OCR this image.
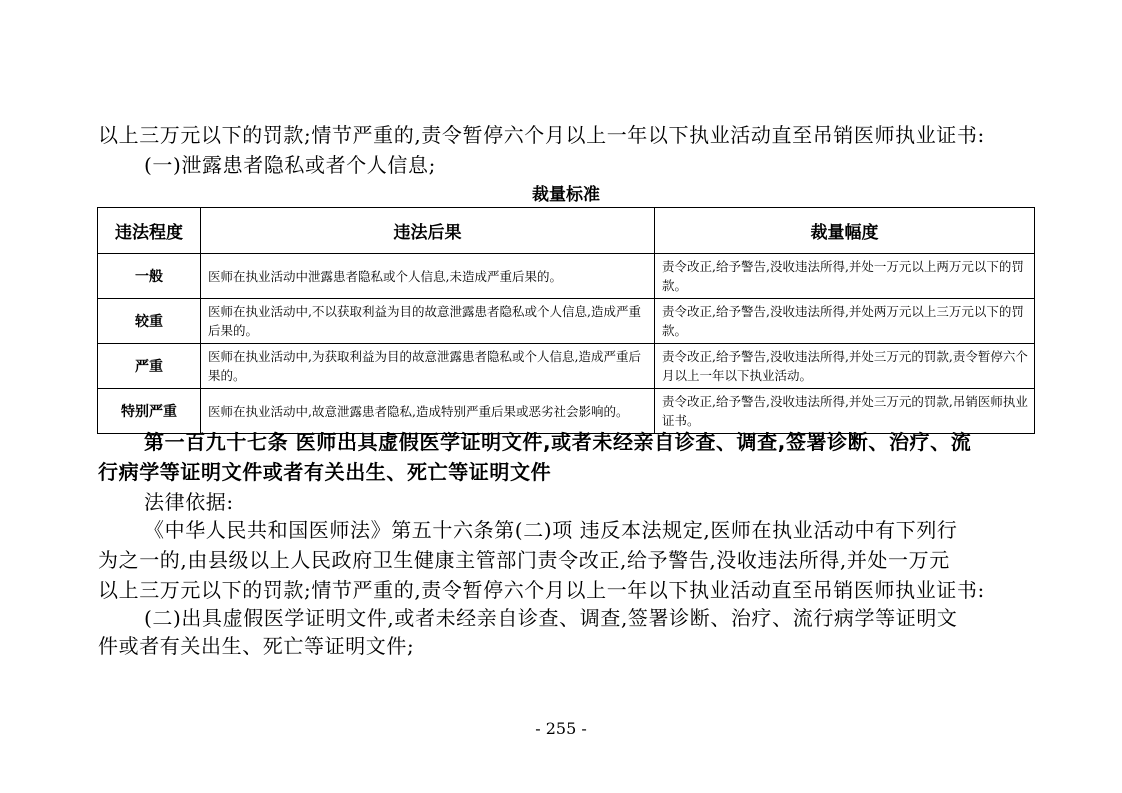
以上三万元以下的罚款;情节严重的,责令暂停六个月以上一年以下执业活动直至吊销医师执业证书:
(一)泄露患者隐私或者个人信息;
裁量标准
违法程度	违法后果	裁量幅度
一般	医师在执业活动中泄露患者隐私或个人信息,未造成严重后果的。	责令改正,给予警告,没收违法所得,并处一万元以上两万元以下的罚款。
较重	医师在执业活动中,不以获取利益为目的故意泄露患者隐私或个人信息,造成严重后果的。	责令改正,给予警告,没收违法所得,并处两万元以上三万元以下的罚款。
严重	医师在执业活动中,为获取利益为目的故意泄露患者隐私或个人信息,造成严重后果的。	责令改正,给予警告,没收违法所得,并处三万元的罚款,责令暂停六个月以上一年以下执业活动。
特别严重	医师在执业活动中,故意泄露患者隐私,造成特别严重后果或恶劣社会影响的。	责令改正,给予警告,没收违法所得,并处三万元的罚款,吊销医师执业证书。
第一百九十七条 医师出具虚假医学证明文件,或者未经亲自诊查、调查,签署诊断、治疗、流
行病学等证明文件或者有关出生、死亡等证明文件
法律依据:
《中华人民共和国医师法》第五十六条第(二)项 违反本法规定,医师在执业活动中有下列行
为之一的,由县级以上人民政府卫生健康主管部门责令改正,给予警告,没收违法所得,并处一万元
以上三万元以下的罚款;情节严重的,责令暂停六个月以上一年以下执业活动直至吊销医师执业证书:
(二)出具虚假医学证明文件,或者未经亲自诊查、调查,签署诊断、治疗、流行病学等证明文
件或者有关出生、死亡等证明文件;
- 255 -
